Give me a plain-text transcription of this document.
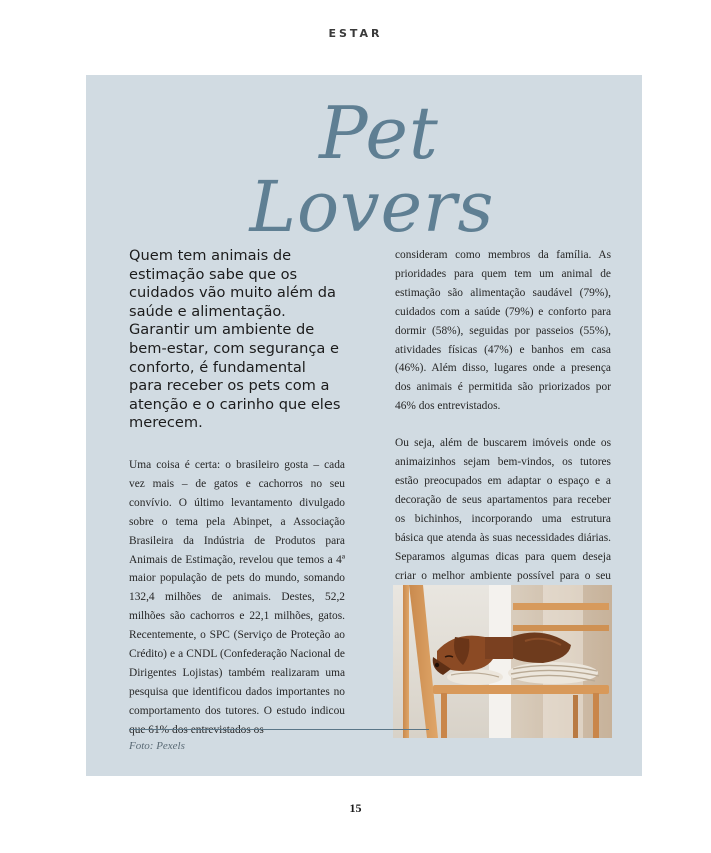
ESTAR
Pet
Lovers
Quem tem animais de estimação sabe que os cuidados vão muito além da saúde e alimentação. Garantir um ambiente de bem-estar, com segurança e conforto, é fundamental para receber os pets com a atenção e o carinho que eles merecem.

Uma coisa é certa: o brasileiro gosta – cada vez mais – de gatos e cachorros no seu convívio. O último levantamento divulgado sobre o tema pela Abinpet, a Associação Brasileira da Indústria de Produtos para Animais de Estimação, revelou que temos a 4ª maior população de pets do mundo, somando 132,4 milhões de animais. Destes, 52,2 milhões são cachorros e 22,1 milhões, gatos. Recentemente, o SPC (Serviço de Proteção ao Crédito) e a CNDL (Confederação Nacional de Dirigentes Lojistas) também realizaram uma pesquisa que identificou dados importantes no comportamento dos tutores. O estudo indicou

consideram como membros da família. As prioridades para quem tem um animal de estimação são alimentação saudável (79%), cuidados com a saúde (79%) e conforto para dormir (58%), seguidas por passeios (55%), atividades físicas (47%) e banhos em casa (46%). Além disso, lugares onde a presença dos animais é permitida são priorizados por 46% dos entrevistados.

Ou seja, além de buscarem imóveis onde os animaizinhos sejam bem-vindos, os tutores estão preocupados em adaptar o espaço e a decoração de seus apartamentos para receber os bichinhos, incorporando uma estrutura básica que atenda às suas necessidades diárias. Separamos algumas dicas para quem deseja criar o melhor ambiente possível para o seu

Foto: Pexels
15
